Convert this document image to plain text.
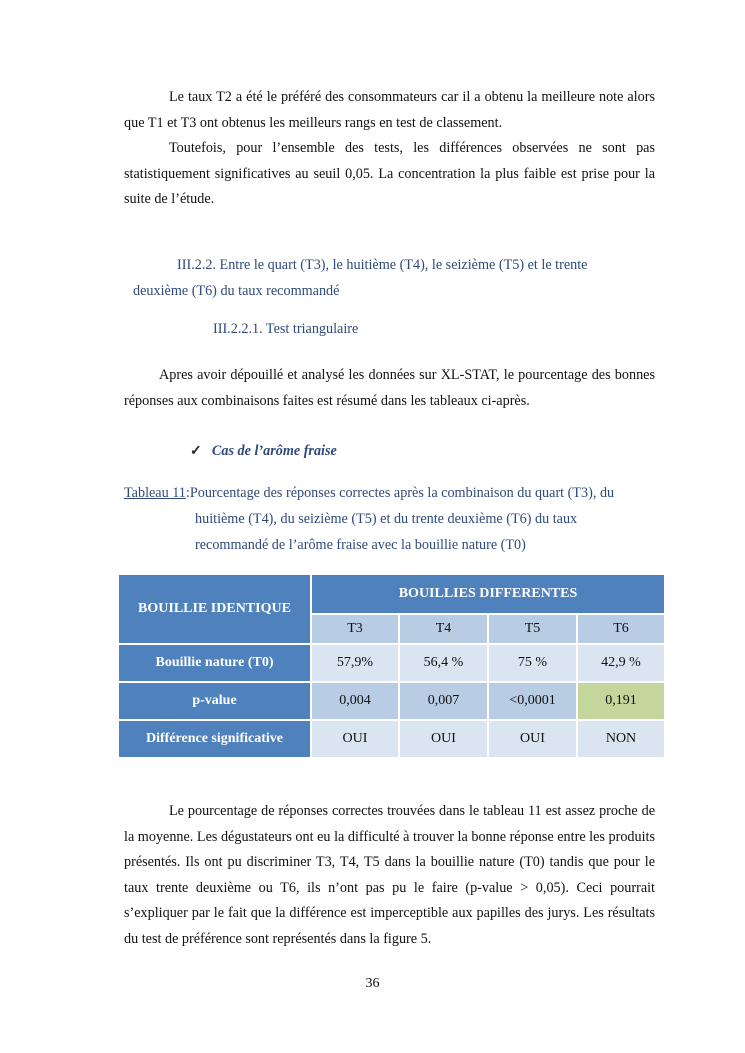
Le taux T2 a été le préféré des consommateurs car il a obtenu la meilleure note alors que T1 et T3 ont obtenus les meilleurs rangs en test de classement.

Toutefois, pour l’ensemble des tests, les différences observées ne sont pas statistiquement significatives au seuil 0,05. La concentration la plus faible est prise pour la suite de l’étude.

III.2.2. Entre le quart (T3), le huitième (T4), le seizième (T5) et le trente
deuxième (T6) du taux recommandé
III.2.2.1. Test triangulaire

Apres avoir dépouillé et analysé les données sur XL-STAT, le pourcentage des bonnes réponses aux combinaisons faites est résumé dans les tableaux ci-après.

✓ Cas de l’arôme fraise
Tableau 11:Pourcentage des réponses correctes après la combinaison du quart (T3), du
huitième (T4), du seizième (T5) et du trente deuxième (T6) du taux
recommandé de l’arôme fraise avec la bouillie nature (T0)
BOUILLIE IDENTIQUE	BOUILLIES DIFFERENTES			
	T3	T4	T5	T6
Bouillie nature (T0)	57,9%	56,4 %	75 %	42,9 %
p-value	0,004	0,007	<0,0001	0,191
Différence significative	OUI	OUI	OUI	NON

Le pourcentage de réponses correctes trouvées dans le tableau 11 est assez proche de la moyenne. Les dégustateurs ont eu la difficulté à trouver la bonne réponse entre les produits présentés. Ils ont pu discriminer T3, T4, T5 dans la bouillie nature (T0) tandis que pour le taux trente deuxième ou T6, ils n’ont pas pu le faire (p-value > 0,05). Ceci pourrait s’expliquer par le fait que la différence est imperceptible aux papilles des jurys. Les résultats du test de préférence sont représentés dans la figure 5.

36
